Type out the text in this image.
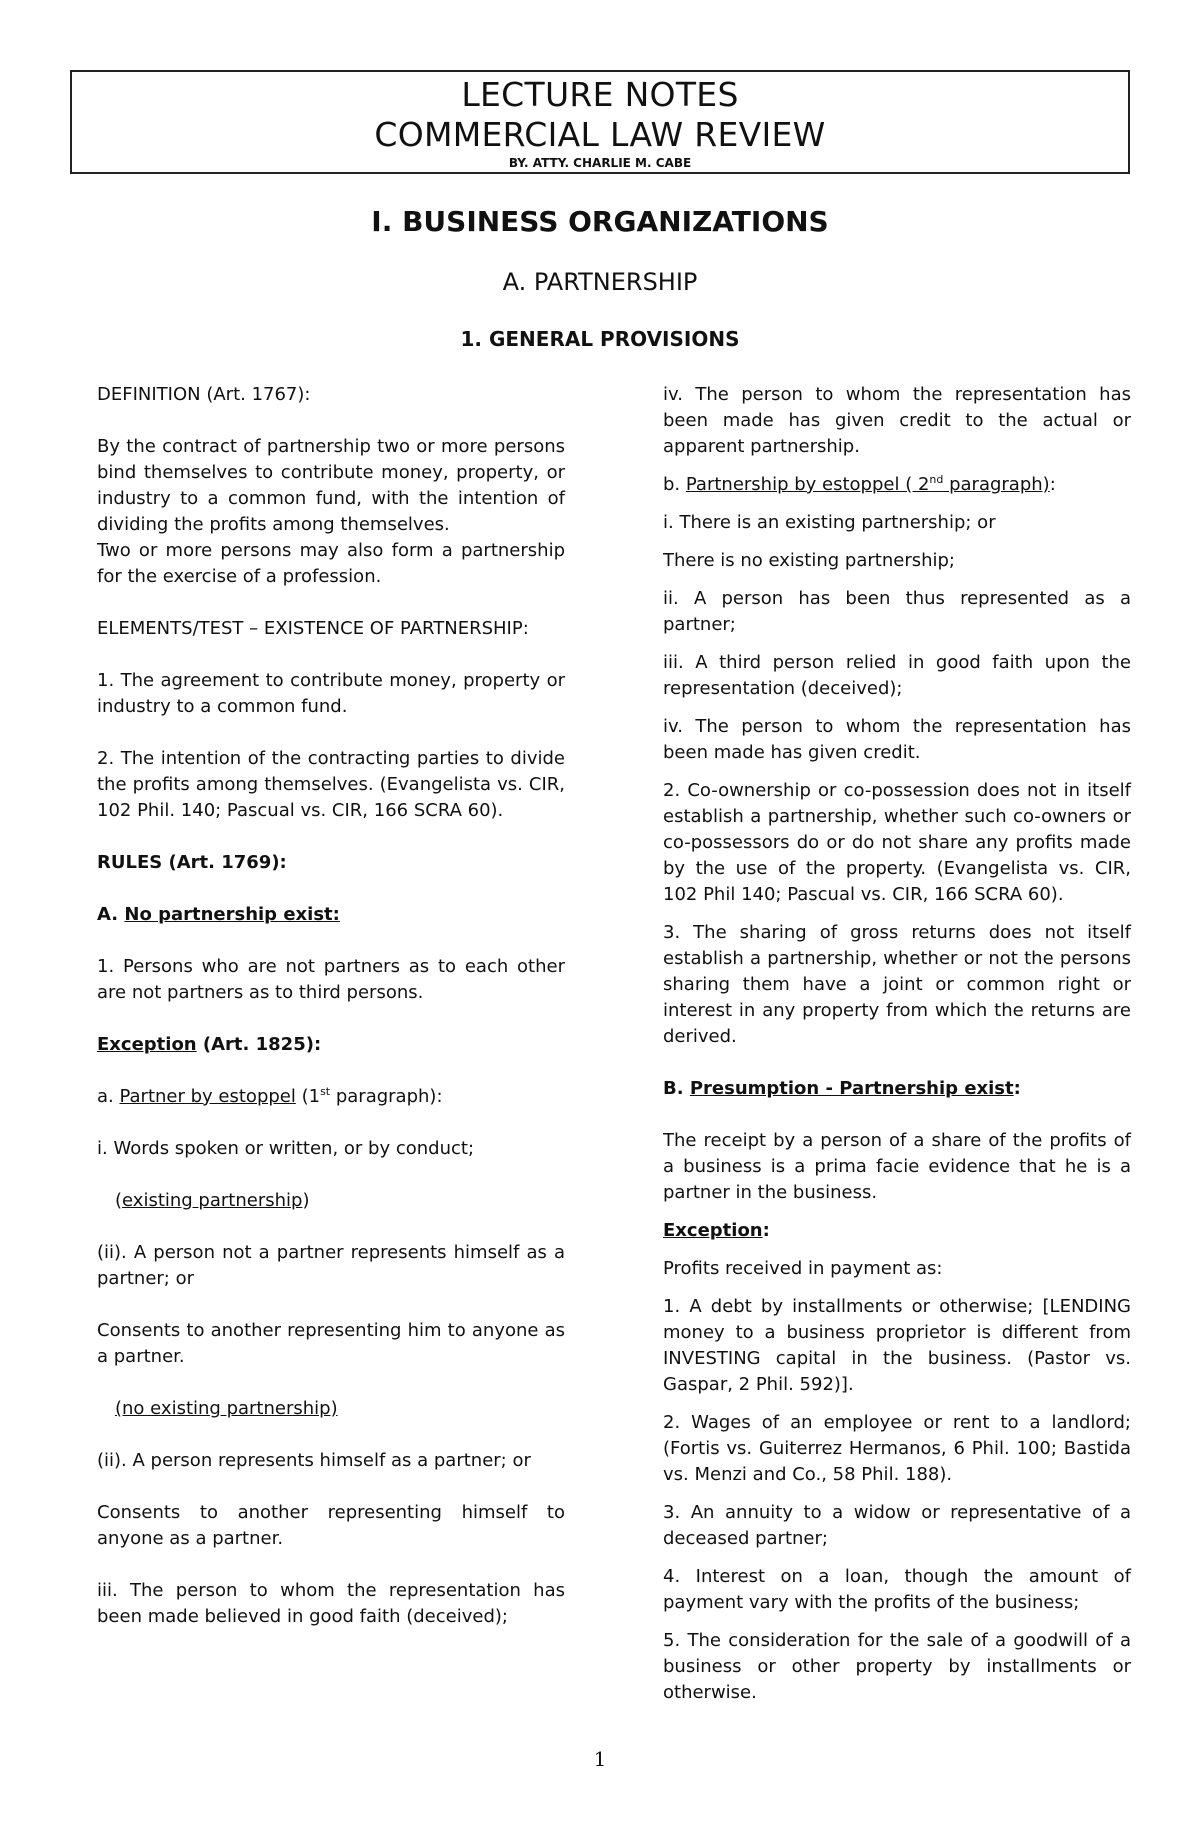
LECTURE NOTES
COMMERCIAL LAW REVIEW
BY. ATTY. CHARLIE M. CABE
I. BUSINESS ORGANIZATIONS
A. PARTNERSHIP
1. GENERAL PROVISIONS

DEFINITION (Art. 1767):

By the contract of partnership two or more persons bind themselves to contribute money, property, or industry to a common fund, with the intention of dividing the profits among themselves.

Two or more persons may also form a partnership for the exercise of a profession.

ELEMENTS/TEST – EXISTENCE OF PARTNERSHIP:

1. The agreement to contribute money, property or industry to a common fund.

2. The intention of the contracting parties to divide the profits among themselves. (Evangelista vs. CIR, 102 Phil. 140; Pascual vs. CIR, 166 SCRA 60).

RULES (Art. 1769):

A. No partnership exist:

1. Persons who are not partners as to each other are not partners as to third persons.

Exception (Art. 1825):

a. Partner by estoppel (1st paragraph):

i. Words spoken or written, or by conduct;

(existing partnership)

(ii). A person not a partner represents himself as a partner; or

Consents to another representing him to anyone as a partner.

(no existing partnership)

(ii). A person represents himself as a partner; or

Consents to another representing himself to anyone as a partner.

iii. The person to whom the representation has been made believed in good faith (deceived);

iv. The person to whom the representation has been made has given credit to the actual or apparent partnership.

b. Partnership by estoppel ( 2nd paragraph):

i. There is an existing partnership; or

There is no existing partnership;

ii. A person has been thus represented as a partner;

iii. A third person relied in good faith upon the representation (deceived);

iv. The person to whom the representation has been made has given credit.

2. Co-ownership or co-possession does not in itself establish a partnership, whether such co-owners or co-possessors do or do not share any profits made by the use of the property. (Evangelista vs. CIR, 102 Phil 140; Pascual vs. CIR, 166 SCRA 60).

3. The sharing of gross returns does not itself establish a partnership, whether or not the persons sharing them have a joint or common right or interest in any property from which the returns are derived.

B. Presumption - Partnership exist:

The receipt by a person of a share of the profits of a business is a prima facie evidence that he is a partner in the business.

Exception:

Profits received in payment as:

1. A debt by installments or otherwise; [LENDING money to a business proprietor is different from INVESTING capital in the business. (Pastor vs. Gaspar, 2 Phil. 592)].

2. Wages of an employee or rent to a landlord; (Fortis vs. Guiterrez Hermanos, 6 Phil. 100; Bastida vs. Menzi and Co., 58 Phil. 188).

3. An annuity to a widow or representative of a deceased partner;

4. Interest on a loan, though the amount of payment vary with the profits of the business;

5. The consideration for the sale of a goodwill of a business or other property by installments or otherwise.

1
